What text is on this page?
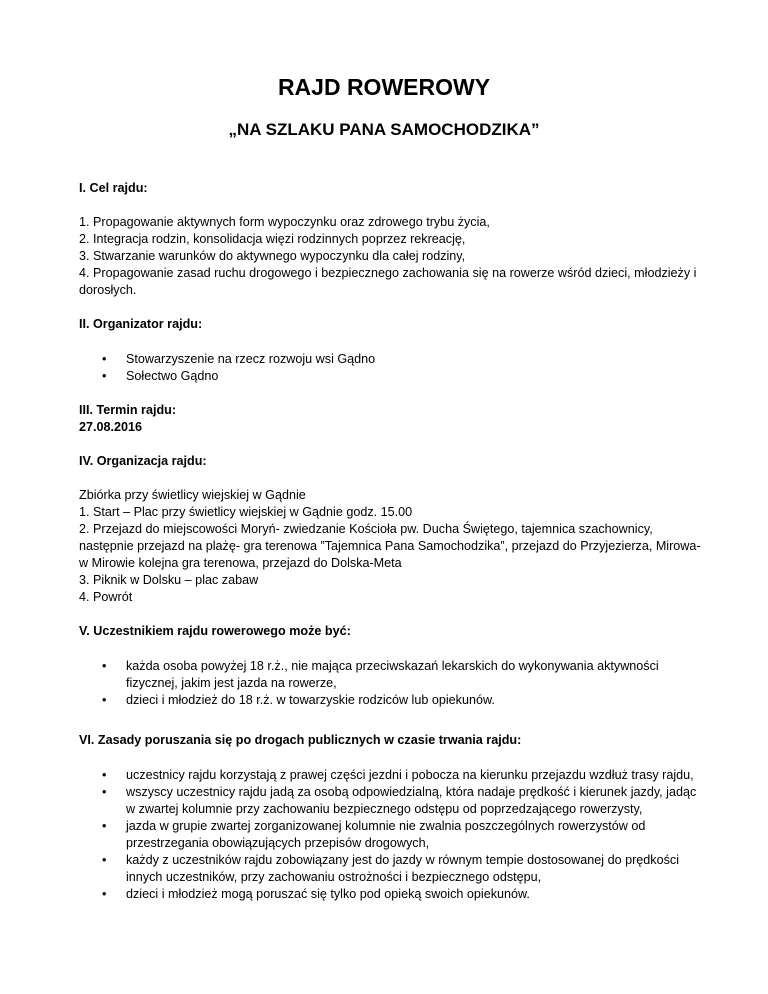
RAJD ROWEROWY
„NA SZLAKU PANA SAMOCHODZIKA”

I. Cel rajdu:

1. Propagowanie aktywnych form wypoczynku oraz zdrowego trybu życia,

2. Integracja rodzin, konsolidacja więzi rodzinnych poprzez rekreację,

3. Stwarzanie warunków do aktywnego wypoczynku dla całej rodziny,

4. Propagowanie zasad ruchu drogowego i bezpiecznego zachowania się na rowerze wśród dzieci, młodzieży i dorosłych.

II. Organizator rajdu:

• Stowarzyszenie na rzecz rozwoju wsi Gądno
• Sołectwo Gądno

III. Termin rajdu:

27.08.2016

IV. Organizacja rajdu:

Zbiórka przy świetlicy wiejskiej w Gądnie

1. Start – Plac przy świetlicy wiejskiej w Gądnie godz. 15.00

2. Przejazd do miejscowości Moryń- zwiedzanie Kościoła pw. Ducha Świętego, tajemnica szachownicy, następnie przejazd na plażę- gra terenowa ”Tajemnica Pana Samochodzika”, przejazd do Przyjezierza, Mirowa- w Mirowie kolejna gra terenowa, przejazd do Dolska-Meta

3. Piknik w Dolsku – plac zabaw

4. Powrót

V. Uczestnikiem rajdu rowerowego może być:

• każda osoba powyżej 18 r.ż., nie mająca przeciwskazań lekarskich do wykonywania aktywności fizycznej, jakim jest jazda na rowerze,
• dzieci i młodzież do 18 r.ż. w towarzyskie rodziców lub opiekunów.

VI. Zasady poruszania się po drogach publicznych w czasie trwania rajdu:

• uczestnicy rajdu korzystają z prawej części jezdni i pobocza na kierunku przejazdu wzdłuż trasy rajdu,
• wszyscy uczestnicy rajdu jadą za osobą odpowiedzialną, która nadaje prędkość i kierunek jazdy, jadąc w zwartej kolumnie przy zachowaniu bezpiecznego odstępu od poprzedzającego rowerzysty,
• jazda w grupie zwartej zorganizowanej kolumnie nie zwalnia poszczególnych rowerzystów od przestrzegania obowiązujących przepisów drogowych,
• każdy z uczestników rajdu zobowiązany jest do jazdy w równym tempie dostosowanej do prędkości innych uczestników, przy zachowaniu ostrożności i bezpiecznego odstępu,
• dzieci i młodzież mogą poruszać się tylko pod opieką swoich opiekunów.
